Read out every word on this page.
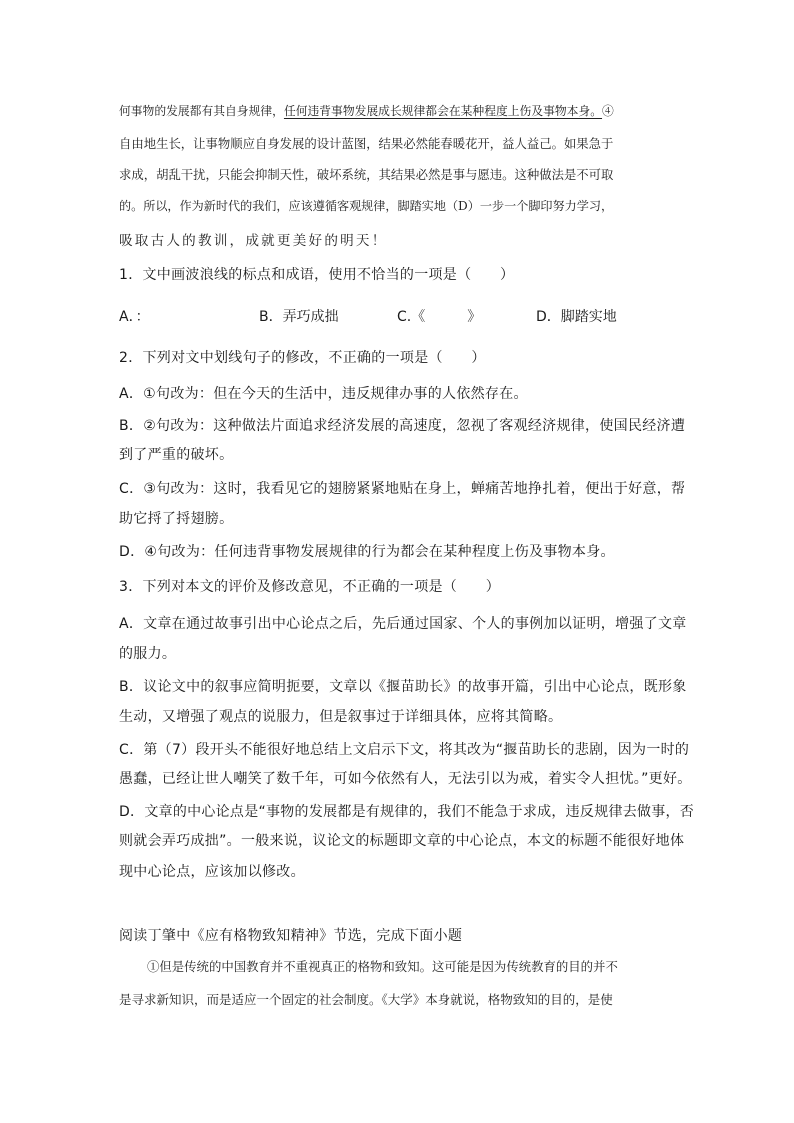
何事物的发展都有其自身规律，任何违背事物发展成长规律都会在某种程度上伤及事物本身。④
自由地生长，让事物顺应自身发展的设计蓝图，结果必然能春暖花开，益人益己。如果急于
求成，胡乱干扰，只能会抑制天性，破坏系统，其结果必然是事与愿违。这种做法是不可取
的。所以，作为新时代的我们，应该遵循客观规律，脚踏实地（D）一步一个脚印努力学习，
吸取古人的教训，成就更美好的明天！
1．文中画波浪线的标点和成语，使用不恰当的一项是（　　）
A．：	B．弄巧成拙	C.《　　　》	D．脚踏实地
2．下列对文中划线句子的修改，不正确的一项是（　　）
A．①句改为：但在今天的生活中，违反规律办事的人依然存在。
B．②句改为：这种做法片面追求经济发展的高速度，忽视了客观经济规律，使国民经济遭
到了严重的破坏。
C．③句改为：这时，我看见它的翅膀紧紧地贴在身上，蝉痛苦地挣扎着，便出于好意，帮
助它捋了捋翅膀。
D．④句改为：任何违背事物发展规律的行为都会在某种程度上伤及事物本身。
3．下列对本文的评价及修改意见，不正确的一项是（　　）
A．文章在通过故事引出中心论点之后，先后通过国家、个人的事例加以证明，增强了文章
的服力。
B．议论文中的叙事应简明扼要，文章以《揠苗助长》的故事开篇，引出中心论点，既形象
生动，又增强了观点的说服力，但是叙事过于详细具体，应将其简略。
C．第（7）段开头不能很好地总结上文启示下文，将其改为“揠苗助长的悲剧，因为一时的
愚蠢，已经让世人嘲笑了数千年，可如今依然有人，无法引以为戒，着实令人担忧。”更好。
D．文章的中心论点是“事物的发展都是有规律的，我们不能急于求成，违反规律去做事，否
则就会弄巧成拙”。一般来说，议论文的标题即文章的中心论点，本文的标题不能很好地体
现中心论点，应该加以修改。
阅读丁肇中《应有格物致知精神》节选，完成下面小题
①但是传统的中国教育并不重视真正的格物和致知。这可能是因为传统教育的目的并不
是寻求新知识，而是适应一个固定的社会制度。《大学》本身就说，格物致知的目的，是使
